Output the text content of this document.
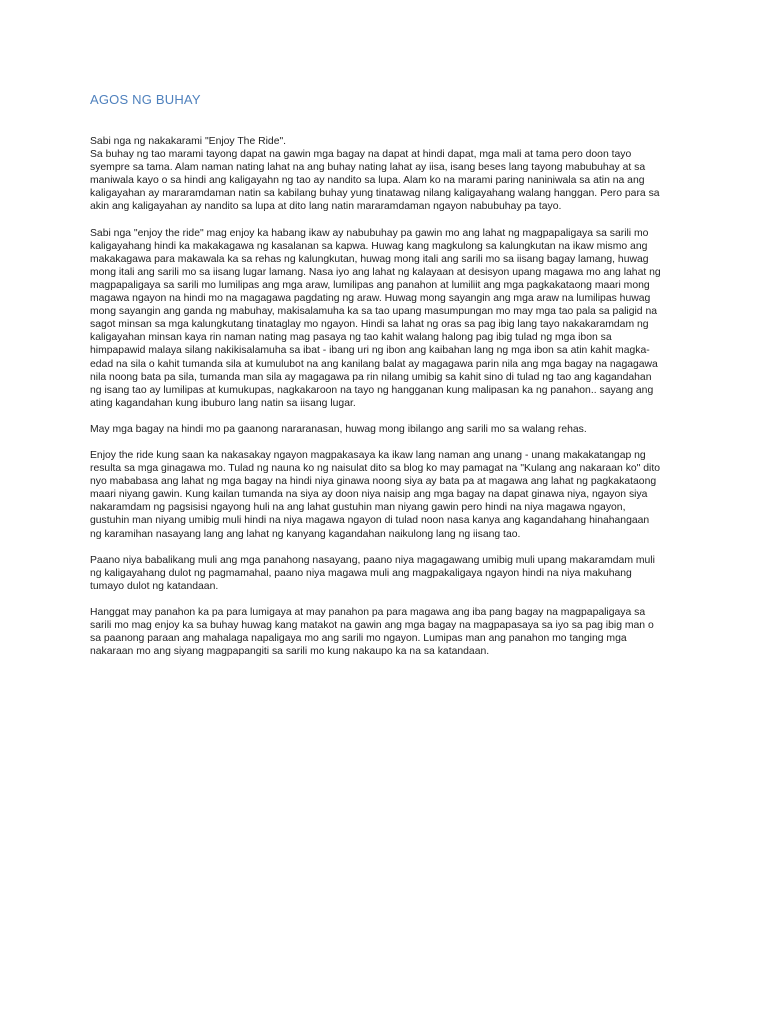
AGOS NG BUHAY

Sabi nga ng nakakarami "Enjoy The Ride".
Sa buhay ng tao marami tayong dapat na gawin mga bagay na dapat at hindi dapat, mga mali at tama pero doon tayo
syempre sa tama. Alam naman nating lahat na ang buhay nating lahat ay iisa, isang beses lang tayong mabubuhay at sa
maniwala kayo o sa hindi ang kaligayahn ng tao ay nandito sa lupa. Alam ko na marami paring naniniwala sa atin na ang
kaligayahan ay mararamdaman natin sa kabilang buhay yung tinatawag nilang kaligayahang walang hanggan. Pero para sa
akin ang kaligayahan ay nandito sa lupa at dito lang natin mararamdaman ngayon nabubuhay pa tayo.

Sabi nga "enjoy the ride" mag enjoy ka habang ikaw ay nabubuhay pa gawin mo ang lahat ng magpapaligaya sa sarili mo
kaligayahang hindi ka makakagawa ng kasalanan sa kapwa. Huwag kang magkulong sa kalungkutan na ikaw mismo ang
makakagawa para makawala ka sa rehas ng kalungkutan, huwag mong itali ang sarili mo sa iisang bagay lamang, huwag
mong itali ang sarili mo sa iisang lugar lamang. Nasa iyo ang lahat ng kalayaan at desisyon upang magawa mo ang lahat ng
magpapaligaya sa sarili mo lumilipas ang mga araw, lumilipas ang panahon at lumiliit ang mga pagkakataong maari mong
magawa ngayon na hindi mo na magagawa pagdating ng araw. Huwag mong sayangin ang mga araw na lumilipas huwag
mong sayangin ang ganda ng mabuhay, makisalamuha ka sa tao upang masumpungan mo may mga tao pala sa paligid na
sagot minsan sa mga kalungkutang tinataglay mo ngayon. Hindi sa lahat ng oras sa pag ibig lang tayo nakakaramdam ng
kaligayahan minsan kaya rin naman nating mag pasaya ng tao kahit walang halong pag ibig tulad ng mga ibon sa
himpapawid malaya silang nakikisalamuha sa ibat - ibang uri ng ibon ang kaibahan lang ng mga ibon sa atin kahit magka-
edad na sila o kahit tumanda sila at kumulubot na ang kanilang balat ay magagawa parin nila ang mga bagay na nagagawa
nila noong bata pa sila, tumanda man sila ay magagawa pa rin nilang umibig sa kahit sino di tulad ng tao ang kagandahan
ng isang tao ay lumilipas at kumukupas, nagkakaroon na tayo ng hangganan kung malipasan ka ng panahon.. sayang ang
ating kagandahan kung ibuburo lang natin sa iisang lugar.

May mga bagay na hindi mo pa gaanong nararanasan, huwag mong ibilango ang sarili mo sa walang rehas.

Enjoy the ride kung saan ka nakasakay ngayon magpakasaya ka ikaw lang naman ang unang - unang makakatangap ng
resulta sa mga ginagawa mo. Tulad ng nauna ko ng naisulat dito sa blog ko may pamagat na "Kulang ang nakaraan ko" dito
nyo mababasa ang lahat ng mga bagay na hindi niya ginawa noong siya ay bata pa at magawa ang lahat ng pagkakataong
maari niyang gawin. Kung kailan tumanda na siya ay doon niya naisip ang mga bagay na dapat ginawa niya, ngayon siya
nakaramdam ng pagsisisi ngayong huli na ang lahat gustuhin man niyang gawin pero hindi na niya magawa ngayon,
gustuhin man niyang umibig muli hindi na niya magawa ngayon di tulad noon nasa kanya ang kagandahang hinahangaan
ng karamihan nasayang lang ang lahat ng kanyang kagandahan naikulong lang ng iisang tao.

Paano niya babalikang muli ang mga panahong nasayang, paano niya magagawang umibig muli upang makaramdam muli
ng kaligayahang dulot ng pagmamahal, paano niya magawa muli ang magpakaligaya ngayon hindi na niya makuhang
tumayo dulot ng katandaan.

Hanggat may panahon ka pa para lumigaya at may panahon pa para magawa ang iba pang bagay na magpapaligaya sa
sarili mo mag enjoy ka sa buhay huwag kang matakot na gawin ang mga bagay na magpapasaya sa iyo sa pag ibig man o
sa paanong paraan ang mahalaga napaligaya mo ang sarili mo ngayon. Lumipas man ang panahon mo tanging mga
nakaraan mo ang siyang magpapangiti sa sarili mo kung nakaupo ka na sa katandaan.
